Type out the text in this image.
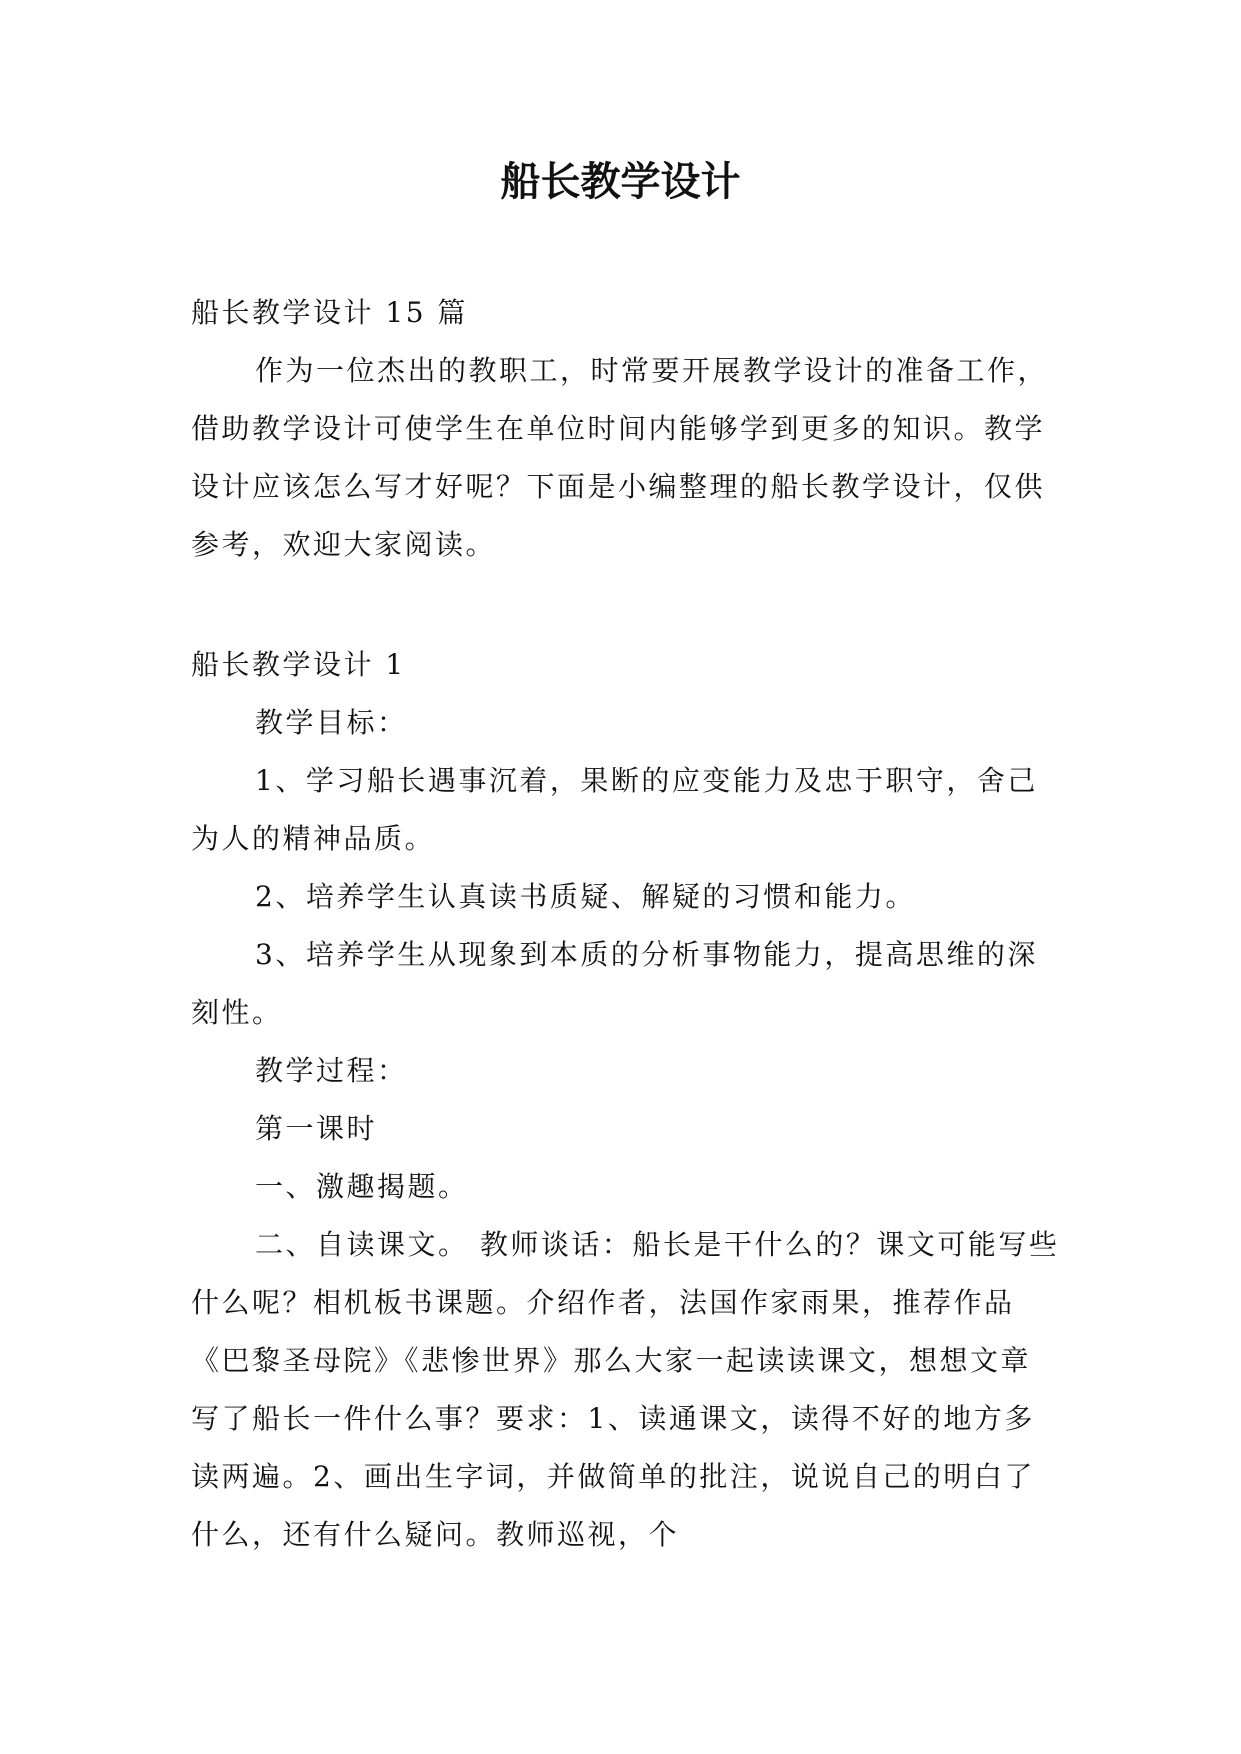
船长教学设计

船长教学设计 15 篇

作为一位杰出的教职工，时常要开展教学设计的准备工作，借助教学设计可使学生在单位时间内能够学到更多的知识。教学设计应该怎么写才好呢？下面是小编整理的船长教学设计，仅供参考，欢迎大家阅读。

船长教学设计 1

教学目标：

1、学习船长遇事沉着，果断的应变能力及忠于职守，舍己为人的精神品质。

2、培养学生认真读书质疑、解疑的习惯和能力。

3、培养学生从现象到本质的分析事物能力，提高思维的深刻性。

教学过程：

第一课时

一、激趣揭题。

二、自读课文。 教师谈话：船长是干什么的？课文可能写些什么呢？相机板书课题。介绍作者，法国作家雨果，推荐作品《巴黎圣母院》《悲惨世界》那么大家一起读读课文，想想文章写了船长一件什么事？要求：1、读通课文，读得不好的地方多读两遍。2、画出生字词，并做简单的批注，说说自己的明白了什么，还有什么疑问。教师巡视，个
